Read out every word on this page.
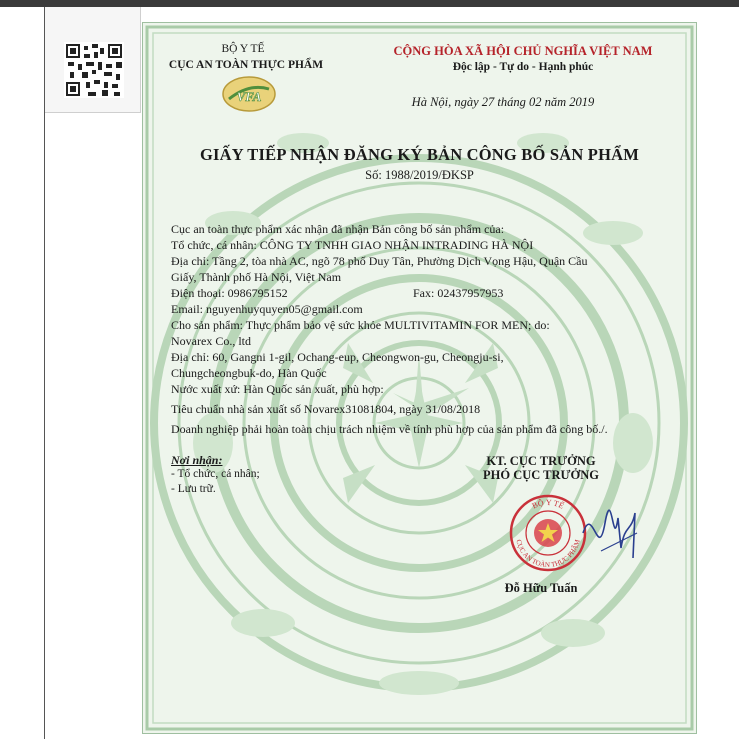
VFA
BỘ Y TẾ
CỤC AN TOÀN THỰC PHẨM
CỘNG HÒA XÃ HỘI CHỦ NGHĨA VIỆT NAM
Độc lập - Tự do - Hạnh phúc
Hà Nội, ngày 27 tháng 02 năm 2019
GIẤY TIẾP NHẬN ĐĂNG KÝ BẢN CÔNG BỐ SẢN PHẨM
Số: 1988/2019/ĐKSP
Cục an toàn thực phẩm xác nhận đã nhận Bản công bố sản phẩm của:
Tổ chức, cá nhân: CÔNG TY TNHH GIAO NHẬN INTRADING HÀ NỘI
Địa chỉ: Tầng 2, tòa nhà AC, ngõ 78 phố Duy Tân, Phường Dịch Vọng Hậu, Quận Cầu
Giấy, Thành phố Hà Nội, Việt Nam
Điện thoại: 0986795152	Fax: 02437957953
Email: nguyenhuyquyen05@gmail.com
Cho sản phẩm: Thực phẩm bảo vệ sức khỏe MULTIVITAMIN FOR MEN; do:
Novarex Co., ltd
Địa chỉ: 60, Gangni 1-gil, Ochang-eup, Cheongwon-gu, Cheongju-si,
Chungcheongbuk-do, Hàn Quốc
Nước xuất xứ: Hàn Quốc sản xuất, phù hợp:
Tiêu chuẩn nhà sản xuất số Novarex31081804, ngày 31/08/2018
Doanh nghiệp phải hoàn toàn chịu trách nhiệm về tính phù hợp của sản phẩm đã công bố./.
Nơi nhận:
- Tổ chức, cá nhân;
- Lưu trữ.
KT. CỤC TRƯỞNG
PHÓ CỤC TRƯỞNG
BỘ Y TẾ
CỤC AN TOÀN THỰC PHẨM
Đỗ Hữu Tuấn
